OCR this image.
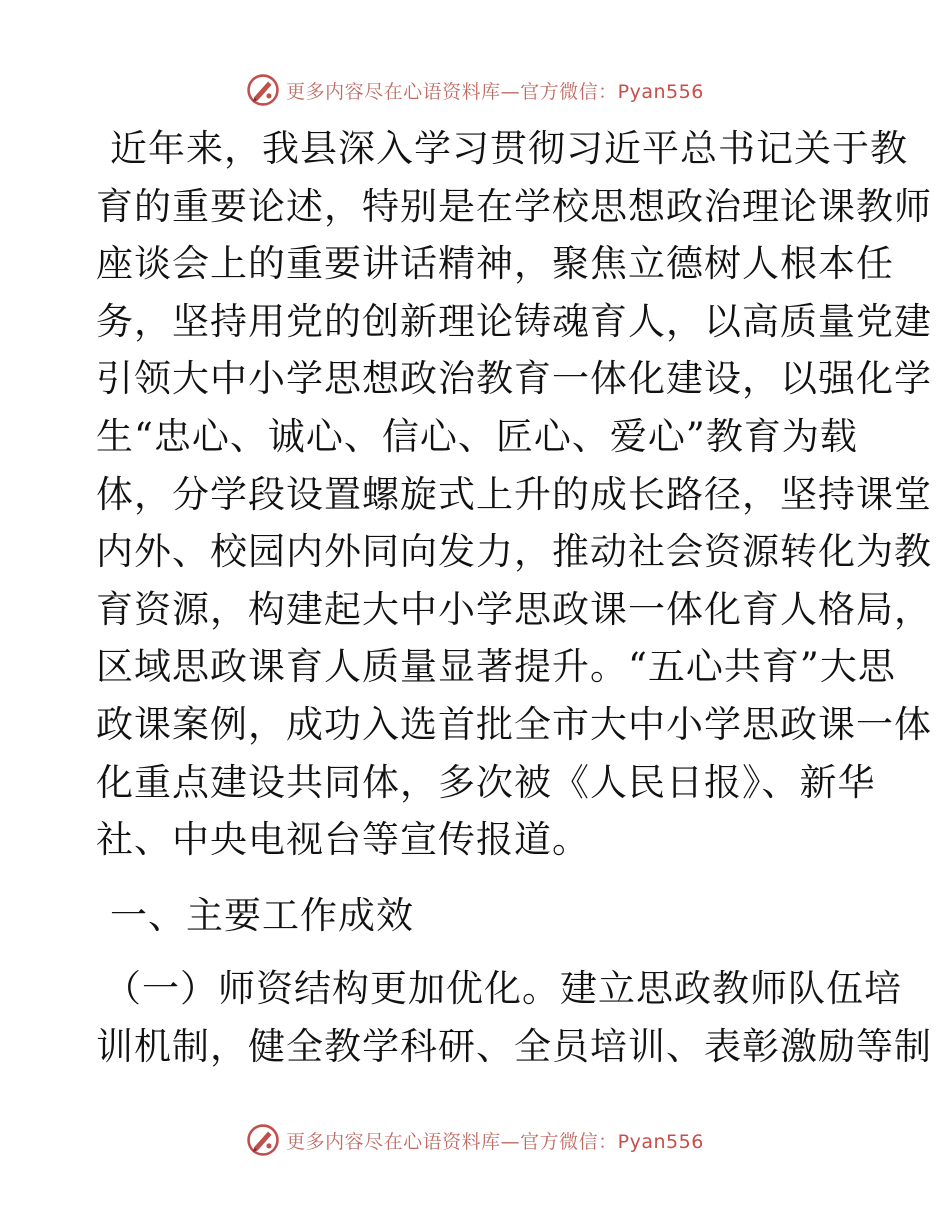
更多内容尽在心语资料库—官方微信：Pyan556

近年来，我县深入学习贯彻习近平总书记关于教
育的重要论述，特别是在学校思想政治理论课教师
座谈会上的重要讲话精神，聚焦立德树人根本任
务，坚持用党的创新理论铸魂育人，以高质量党建
引领大中小学思想政治教育一体化建设，以强化学
生“忠心、诚心、信心、匠心、爱心”教育为载
体，分学段设置螺旋式上升的成长路径，坚持课堂
内外、校园内外同向发力，推动社会资源转化为教
育资源，构建起大中小学思政课一体化育人格局，
区域思政课育人质量显著提升。“五心共育”大思
政课案例，成功入选首批全市大中小学思政课一体
化重点建设共同体，多次被《人民日报》、新华
社、中央电视台等宣传报道。

一、主要工作成效

（一）师资结构更加优化。建立思政教师队伍培
训机制，健全教学科研、全员培训、表彰激励等制

更多内容尽在心语资料库—官方微信：Pyan556
